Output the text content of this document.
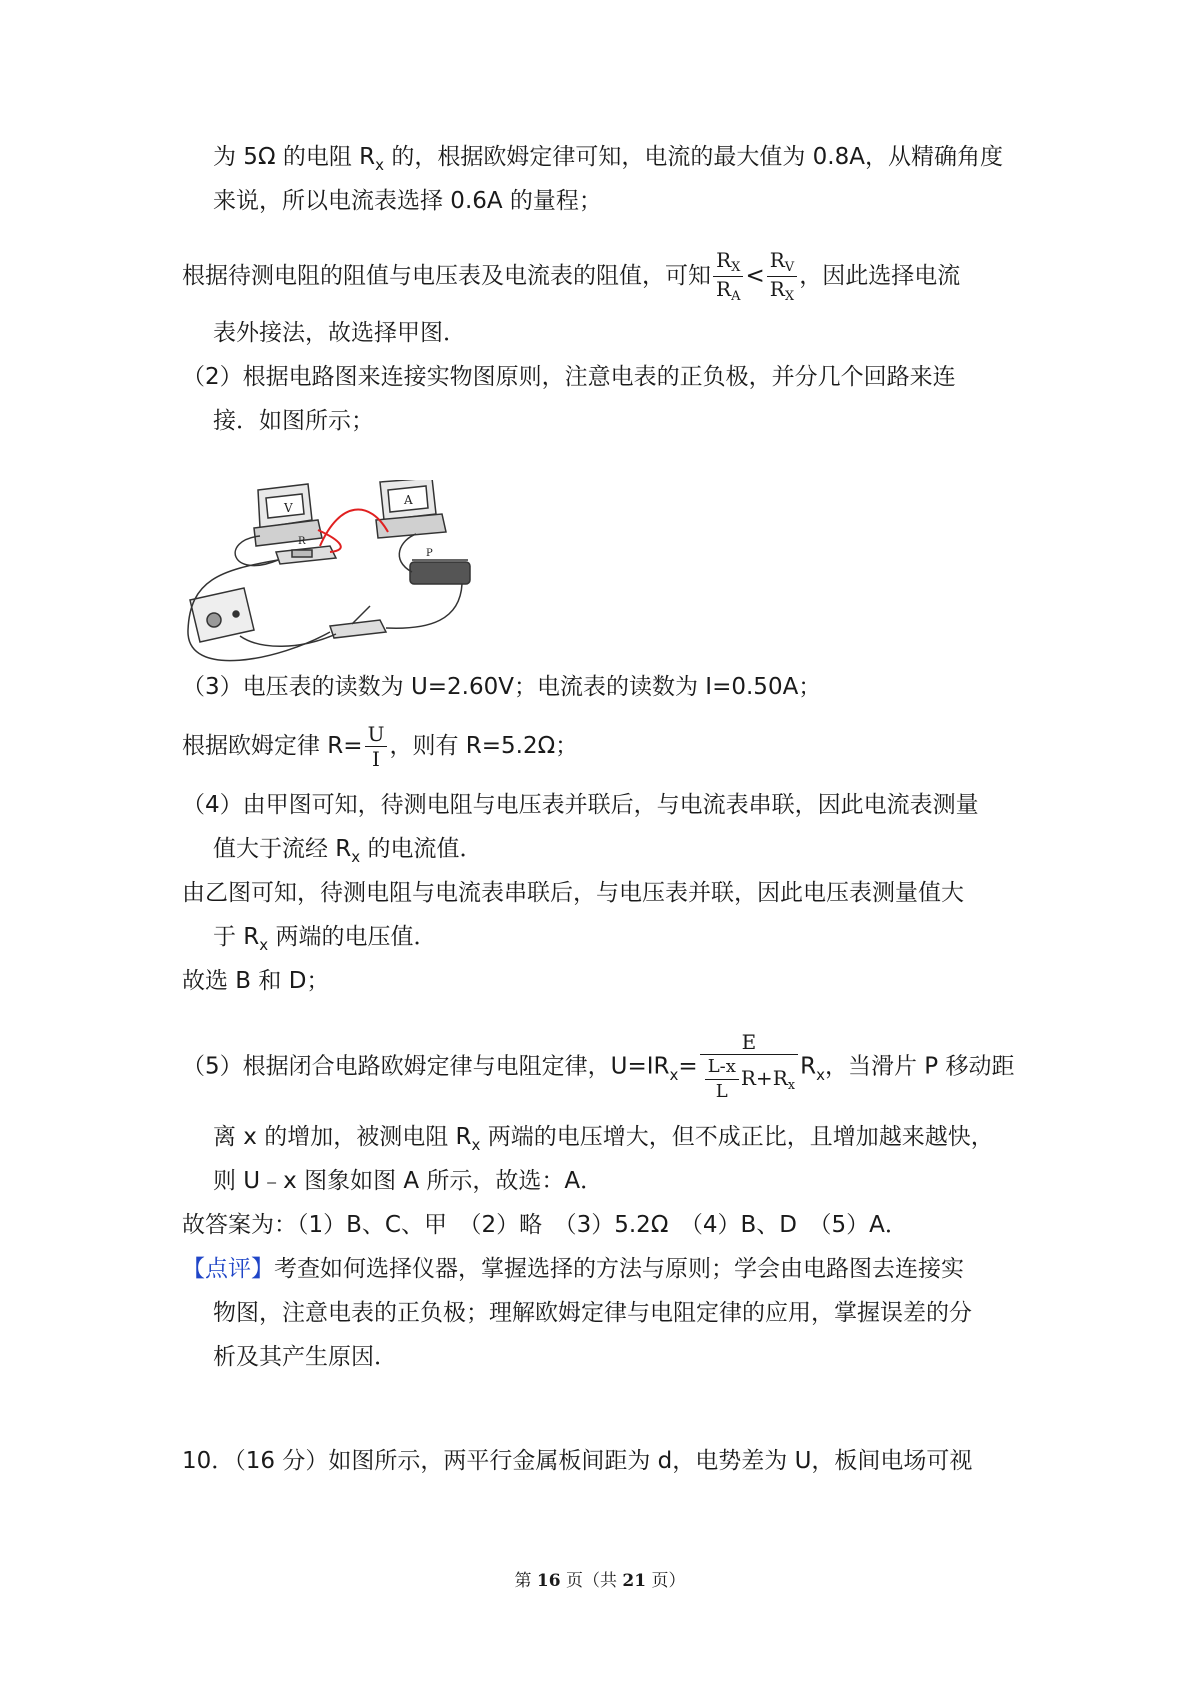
为 5Ω 的电阻 $R_x$ 的，根据欧姆定律可知，电流的最大值为 0.8A，从精确角度
来说，所以电流表选择 0.6A 的量程；
根据待测电阻的阻值与电压表及电流表的阻值，可知 $\frac{R_X}{R_A} < \frac{R_V}{R_X}$ ，因此选择电流
表外接法，故选择甲图．
（2）根据电路图来连接实物图原则，注意电表的正负极，并分几个回路来连
接．如图所示；
V
A
R
P
（3）电压表的读数为 U=2.60V；电流表的读数为 I=0.50A；
根据欧姆定律 $R= \frac{U}{I}$ ，则有 R=5.2Ω；
（4）由甲图可知，待测电阻与电压表并联后，与电流表串联，因此电流表测量
值大于流经 $R_x$ 的电流值．
由乙图可知，待测电阻与电流表串联后，与电压表并联，因此电压表测量值大
于 $R_x$ 两端的电压值．
故选 B 和 D；
（5）根据闭合电路欧姆定律与电阻定律，$U=IR_x= \frac{E}{\frac{L-x}{L} R+R_x} R_x$，当滑片 P 移动距
离 x 的增加，被测电阻 $R_x$ 两端的电压增大，但不成正比，且增加越来越快，
则 U﹣x 图象如图 A 所示，故选：A．
故答案为：（1）B、C、甲　（2）略　（3）5.2Ω　（4）B、D　（5）A．
【点评】考查如何选择仪器，掌握选择的方法与原则；学会由电路图去连接实
物图，注意电表的正负极；理解欧姆定律与电阻定律的应用，掌握误差的分
析及其产生原因．
10．（16 分）如图所示，两平行金属板间距为 d，电势差为 U，板间电场可视
第 16 页（共 21 页）
